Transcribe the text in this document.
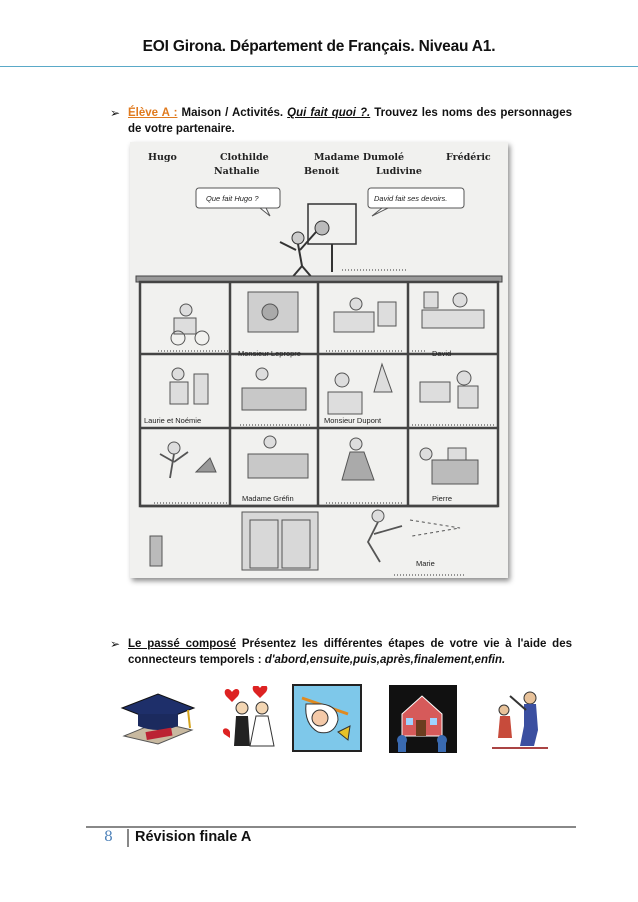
EOI Girona. Département de Français. Niveau A1.
➢ Élève A : Maison / Activités. Qui fait quoi ?. Trouvez les noms des personnages de votre partenaire.
Hugo	Clothilde	Madame Dumolé	Frédéric
Nathalie	Benoit	Ludivine
Que fait Hugo ?	David fait ses devoirs.
Monsieur Lepropre	David
Laurie et Noémie	Monsieur Dupont
Madame Gréfin	Pierre
Marie
➢ Le passé composé Présentez les différentes étapes de votre vie à l'aide des connecteurs temporels : d'abord,ensuite,puis,après,finalement,enfin.
8 Révision finale A
